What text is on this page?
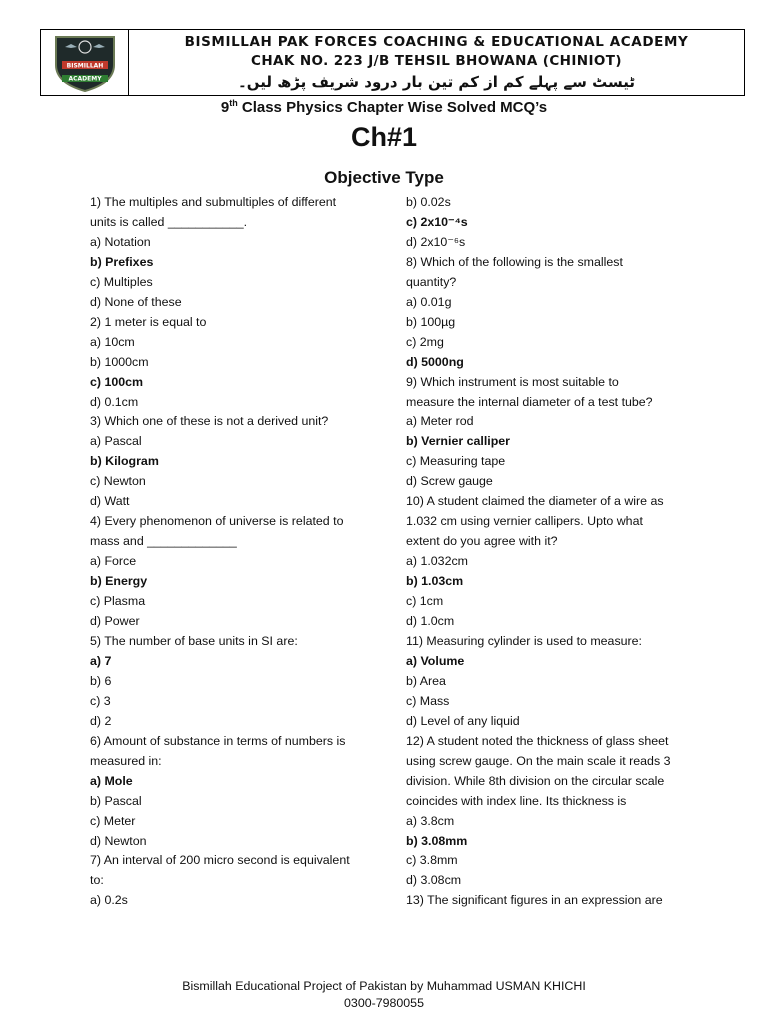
BISMILLAH
ACADEMY
BISMILLAH PAK FORCES COACHING & EDUCATIONAL ACADEMY
CHAK NO. 223 J/B TEHSIL BHOWANA (CHINIOT)
ٹیسٹ سے پہلے کم از کم تین بار درود شریف پڑھ لیں۔
9th Class Physics Chapter Wise Solved MCQ’s
Ch#1
Objective Type
1) The multiples and submultiples of different
units is called ___________.
a) Notation
b) Prefixes
c) Multiples
d) None of these
2) 1 meter is equal to
a) 10cm
b) 1000cm
c) 100cm
d) 0.1cm
3) Which one of these is not a derived unit?
a) Pascal
b) Kilogram
c) Newton
d) Watt
4) Every phenomenon of universe is related to
mass and _____________
a) Force
b) Energy
c) Plasma
d) Power
5) The number of base units in SI are:
a) 7
b) 6
c) 3
d) 2
6) Amount of substance in terms of numbers is
measured in:
a) Mole
b) Pascal
c) Meter
d) Newton
7) An interval of 200 micro second is equivalent
to:
a) 0.2s
b) 0.02s
c) 2x10⁻⁴s
d) 2x10⁻⁶s
8) Which of the following is the smallest
quantity?
a) 0.01g
b) 100µg
c) 2mg
d) 5000ng
9) Which instrument is most suitable to
measure the internal diameter of a test tube?
a) Meter rod
b) Vernier calliper
c) Measuring tape
d) Screw gauge
10) A student claimed the diameter of a wire as
1.032 cm using vernier callipers. Upto what
extent do you agree with it?
a) 1.032cm
b) 1.03cm
c) 1cm
d) 1.0cm
11) Measuring cylinder is used to measure:
a) Volume
b) Area
c) Mass
d) Level of any liquid
12) A student noted the thickness of glass sheet
using screw gauge. On the main scale it reads 3
division. While 8th division on the circular scale
coincides with index line. Its thickness is
a) 3.8cm
b) 3.08mm
c) 3.8mm
d) 3.08cm
13) The significant figures in an expression are
Bismillah Educational Project of Pakistan by Muhammad USMAN KHICHI
0300-7980055
